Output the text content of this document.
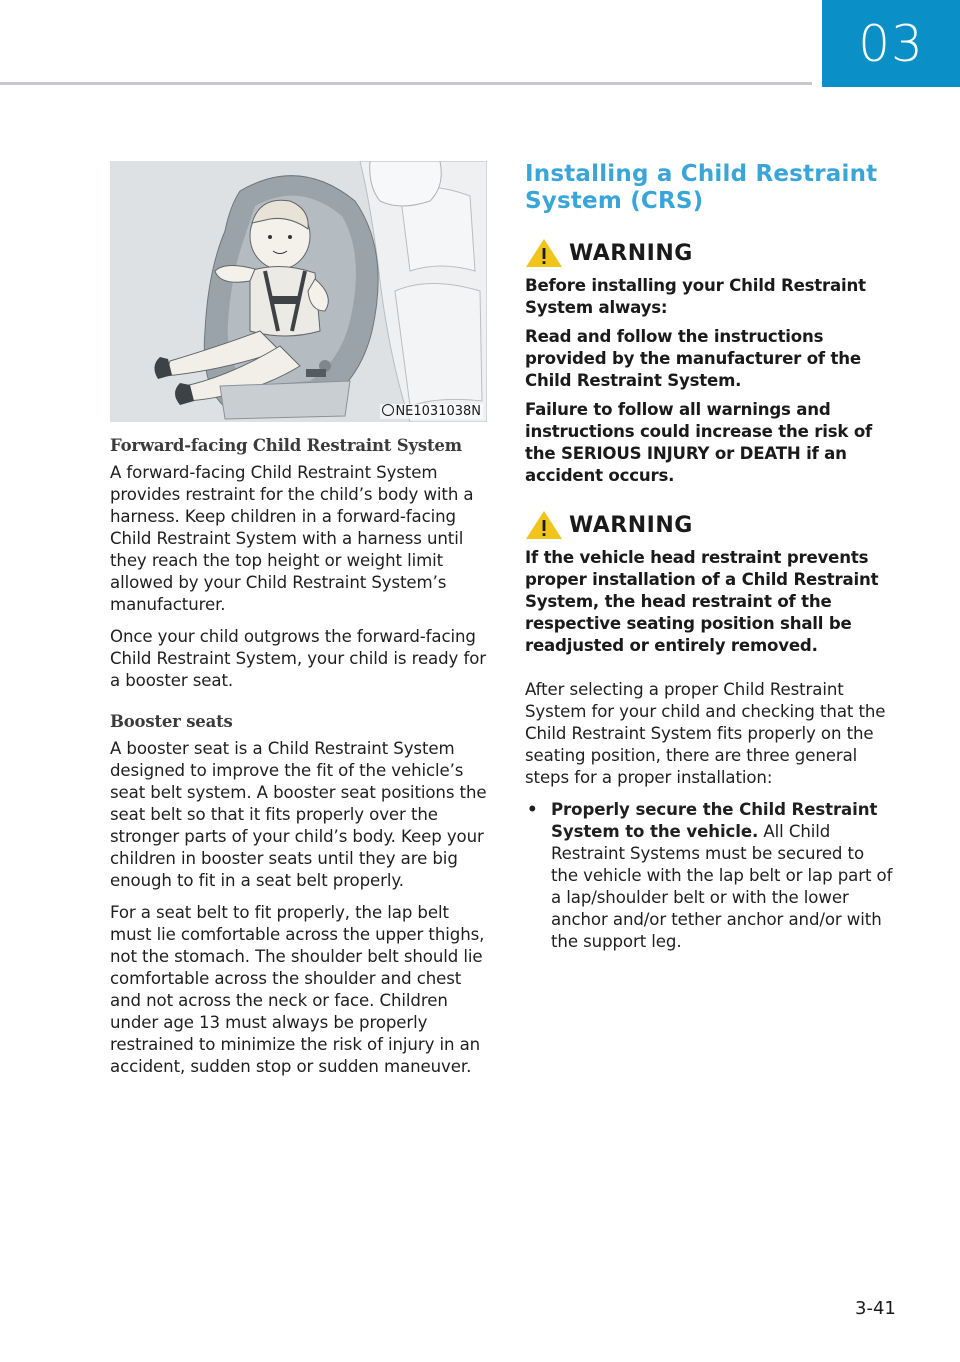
03
NE1031038N
Forward-facing Child Restraint System

A forward-facing Child Restraint System provides restraint for the child’s body with a harness. Keep children in a forward-facing Child Restraint System with a harness until they reach the top height or weight limit allowed by your Child Restraint System’s manufacturer.

Once your child outgrows the forward-facing Child Restraint System, your child is ready for a booster seat.

Booster seats

A booster seat is a Child Restraint System designed to improve the fit of the vehicle’s seat belt system. A booster seat positions the seat belt so that it fits properly over the stronger parts of your child’s body. Keep your children in booster seats until they are big enough to fit in a seat belt properly.

For a seat belt to fit properly, the lap belt must lie comfortable across the upper thighs, not the stomach. The shoulder belt should lie comfortable across the shoulder and chest and not across the neck or face. Children under age 13 must always be properly restrained to minimize the risk of injury in an accident, sudden stop or sudden maneuver.

Installing a Child Restraint System (CRS)
WARNING

Before installing your Child Restraint System always:

Read and follow the instructions provided by the manufacturer of the Child Restraint System.

Failure to follow all warnings and instructions could increase the risk of the SERIOUS INJURY or DEATH if an accident occurs.

WARNING

If the vehicle head restraint prevents proper installation of a Child Restraint System, the head restraint of the respective seating position shall be readjusted or entirely removed.

After selecting a proper Child Restraint System for your child and checking that the Child Restraint System fits properly on the seating position, there are three general steps for a proper installation:

• Properly secure the Child Restraint System to the vehicle. All Child Restraint Systems must be secured to the vehicle with the lap belt or lap part of a lap/shoulder belt or with the lower anchor and/or tether anchor and/or with the support leg.
3-41
